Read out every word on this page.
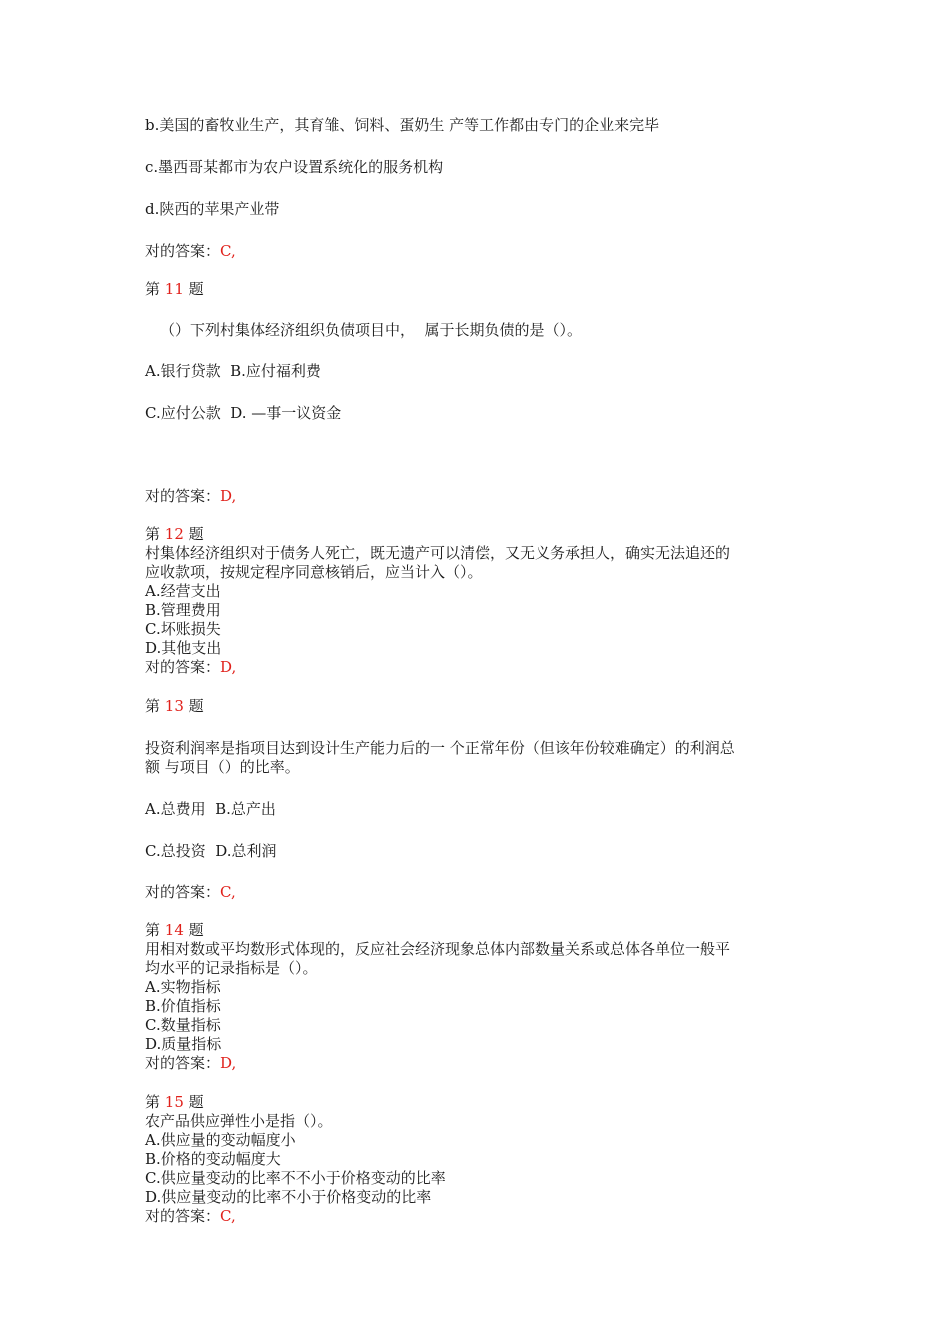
b.美国的畜牧业生产，其育雏、饲料、蛋奶生 产等工作都由专门的企业来完毕
c.墨西哥某都市为农户设置系统化的服务机构
d.陕西的苹果产业带
对的答案：C,
第 11 题
（）下列村集体经济组织负债项目中，  属于长期负债的是（）。
A.银行贷款  B.应付福利费
C.应付公款  D. —事一议资金
对的答案：D,
第 12 题
村集体经济组织对于债务人死亡，既无遗产可以清偿，又无义务承担人，确实无法追还的
应收款项，按规定程序同意核销后，应当计入（）。
A.经营支出
B.管理费用
C.坏账损失
D.其他支出
对的答案：D,
第 13 题
投资利润率是指项目达到设计生产能力后的一 个正常年份（但该年份较难确定）的利润总
额 与项目（）的比率。
A.总费用  B.总产出
C.总投资  D.总利润
对的答案：C,
第 14 题
用相对数或平均数形式体现的，反应社会经济现象总体内部数量关系或总体各单位一般平
均水平的记录指标是（）。
A.实物指标
B.价值指标
C.数量指标
D.质量指标
对的答案：D,
第 15 题
农产品供应弹性小是指（）。
A.供应量的变动幅度小
B.价格的变动幅度大
C.供应量变动的比率不不小于价格变动的比率
D.供应量变动的比率不小于价格变动的比率
对的答案：C,
